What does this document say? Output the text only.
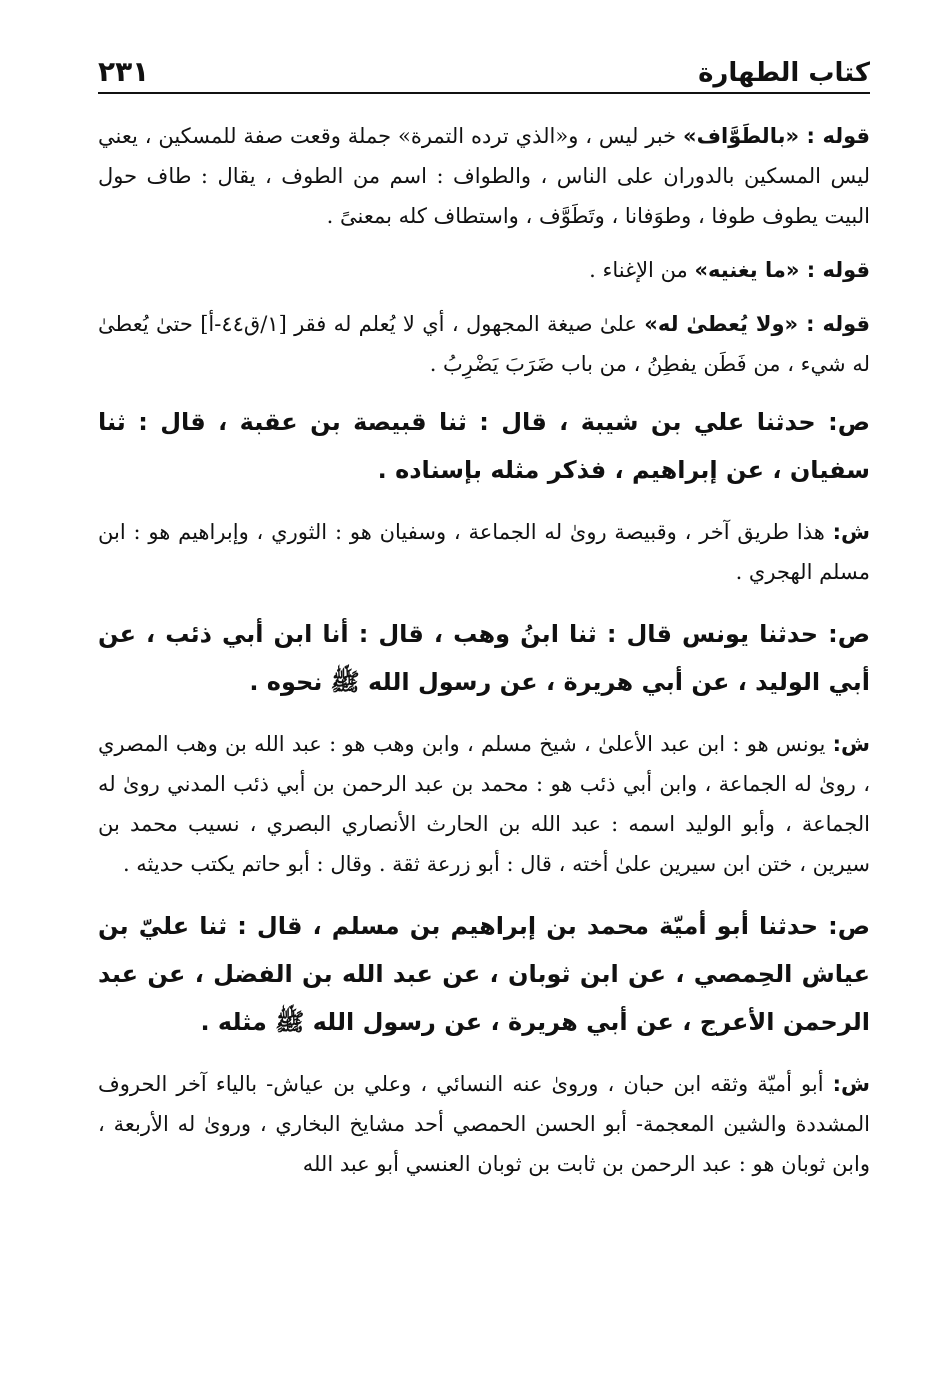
كتاب الطهارة
٢٣١

قوله : «بالطَوَّاف» خبر ليس ، و«الذي ترده التمرة» جملة وقعت صفة للمسكين ، يعني ليس المسكين بالدوران على الناس ، والطواف : اسم من الطوف ، يقال : طاف حول البيت يطوف طوفا ، وطوَفانا ، وتَطَوَّف ، واستطاف كله بمعنىً .

قوله : «ما يغنيه» من الإغناء .

قوله : «ولا يُعطىٰ له» علىٰ صيغة المجهول ، أي لا يُعلم له فقر [١/ق٤٤-أ] حتىٰ يُعطىٰ له شيء ، من فَطَن يفطِنُ ، من باب ضَرَبَ يَضْرِبُ .

ص: حدثنا علي بن شيبة ، قال : ثنا قبيصة بن عقبة ، قال : ثنا سفيان ، عن إبراهيم ، فذكر مثله بإسناده .

ش: هذا طريق آخر ، وقبيصة روىٰ له الجماعة ، وسفيان هو : الثوري ، وإبراهيم هو : ابن مسلم الهجري .

ص: حدثنا يونس قال : ثنا ابنُ وهب ، قال : أنا ابن أبي ذئب ، عن أبي الوليد ، عن أبي هريرة ، عن رسول الله ﷺ نحوه .

ش: يونس هو : ابن عبد الأعلىٰ ، شيخ مسلم ، وابن وهب هو : عبد الله بن وهب المصري ، روىٰ له الجماعة ، وابن أبي ذئب هو : محمد بن عبد الرحمن بن أبي ذئب المدني روىٰ له الجماعة ، وأبو الوليد اسمه : عبد الله بن الحارث الأنصاري البصري ، نسيب محمد بن سيرين ، ختن ابن سيرين علىٰ أخته ، قال : أبو زرعة ثقة . وقال : أبو حاتم يكتب حديثه .

ص: حدثنا أبو أميّة محمد بن إبراهيم بن مسلم ، قال : ثنا عليّ بن عياش الحِمصي ، عن ابن ثوبان ، عن عبد الله بن الفضل ، عن عبد الرحمن الأعرج ، عن أبي هريرة ، عن رسول الله ﷺ مثله .

ش: أبو أميّة وثقه ابن حبان ، وروىٰ عنه النسائي ، وعلي بن عياش- بالياء آخر الحروف المشددة والشين المعجمة- أبو الحسن الحمصي أحد مشايخ البخاري ، وروىٰ له الأربعة ، وابن ثوبان هو : عبد الرحمن بن ثابت بن ثوبان العنسي أبو عبد الله
